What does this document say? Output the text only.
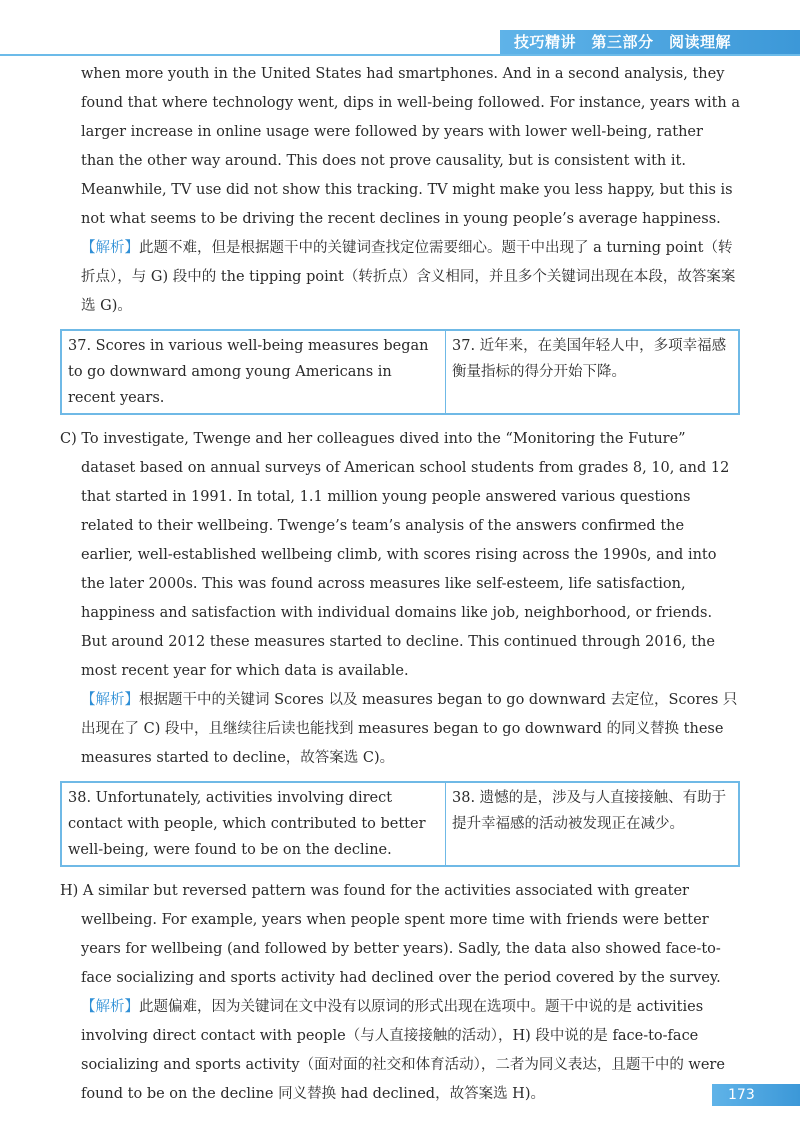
技巧精讲　第三部分　阅读理解

when more youth in the United States had smartphones. And in a second analysis, they found that where technology went, dips in well-being followed. For instance, years with a larger increase in online usage were followed by years with lower well-being, rather than the other way around. This does not prove causality, but is consistent with it. Meanwhile, TV use did not show this tracking. TV might make you less happy, but this is not what seems to be driving the recent declines in young people’s average happiness.

【解析】此题不难，但是根据题干中的关键词查找定位需要细心。题干中出现了 a turning point（转折点），与 G) 段中的 the tipping point（转折点）含义相同，并且多个关键词出现在本段，故答案案选 G)。

37. Scores in various well-being measures began to go downward among young Americans in recent years.
37. 近年来，在美国年轻人中，多项幸福感衡量指标的得分开始下降。

C) To investigate, Twenge and her colleagues dived into the “Monitoring the Future” dataset based on annual surveys of American school students from grades 8, 10, and 12 that started in 1991. In total, 1.1 million young people answered various questions related to their wellbeing. Twenge’s team’s analysis of the answers confirmed the earlier, well-established wellbeing climb, with scores rising across the 1990s, and into the later 2000s. This was found across measures like self-esteem, life satisfaction, happiness and satisfaction with individual domains like job, neighborhood, or friends. But around 2012 these measures started to decline. This continued through 2016, the most recent year for which data is available.

【解析】根据题干中的关键词 Scores 以及 measures began to go downward 去定位，Scores 只出现在了 C) 段中，且继续往后读也能找到 measures began to go downward 的同义替换 these measures started to decline，故答案选 C)。

38. Unfortunately, activities involving direct contact with people, which contributed to better well-being, were found to be on the decline.
38. 遗憾的是，涉及与人直接接触、有助于提升幸福感的活动被发现正在减少。

H) A similar but reversed pattern was found for the activities associated with greater wellbeing. For example, years when people spent more time with friends were better years for wellbeing (and followed by better years). Sadly, the data also showed face-to-face socializing and sports activity had declined over the period covered by the survey.

【解析】此题偏难，因为关键词在文中没有以原词的形式出现在选项中。题干中说的是 activities involving direct contact with people（与人直接接触的活动），H) 段中说的是 face-to-face socializing and sports activity（面对面的社交和体育活动），二者为同义表达，且题干中的 were found to be on the decline 同义替换 had declined，故答案选 H)。	173
